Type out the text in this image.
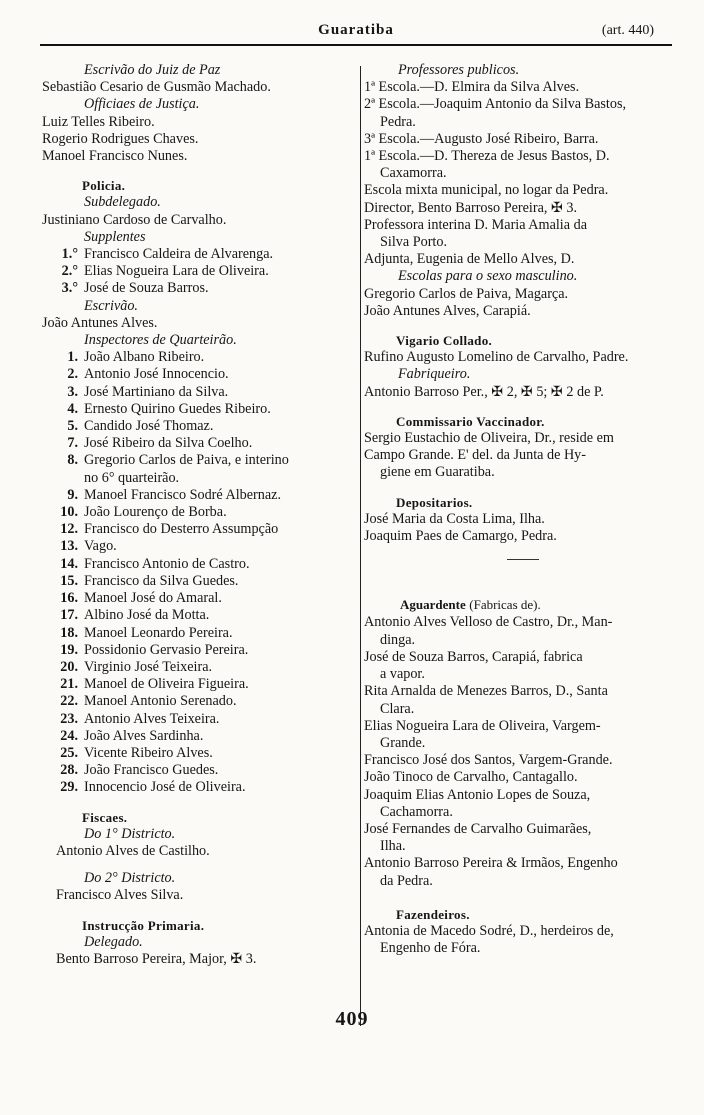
Guaratiba	(art. 440)
Escrivão do Juiz de Paz
Sebastião Cesario de Gusmão Machado.
Officiaes de Justiça.
Luiz Telles Ribeiro.
Rogerio Rodrigues Chaves.
Manoel Francisco Nunes.
Policia.
Subdelegado.
Justiniano Cardoso de Carvalho.
Supplentes
1.° Francisco Caldeira de Alvarenga.
2.° Elias Nogueira Lara de Oliveira.
3.° José de Souza Barros.
Escrivão.
João Antunes Alves.
Inspectores de Quarteirão.
1. João Albano Ribeiro.
2. Antonio José Innocencio.
3. José Martiniano da Silva.
4. Ernesto Quirino Guedes Ribeiro.
5. Candido José Thomaz.
7. José Ribeiro da Silva Coelho.
8. Gregorio Carlos de Paiva, e interino
no 6° quarteirão.
9. Manoel Francisco Sodré Albernaz.
10. João Lourenço de Borba.
12. Francisco do Desterro Assumpção
13. Vago.
14. Francisco Antonio de Castro.
15. Francisco da Silva Guedes.
16. Manoel José do Amaral.
17. Albino José da Motta.
18. Manoel Leonardo Pereira.
19. Possidonio Gervasio Pereira.
20. Virginio José Teixeira.
21. Manoel de Oliveira Figueira.
22. Manoel Antonio Serenado.
23. Antonio Alves Teixeira.
24. João Alves Sardinha.
25. Vicente Ribeiro Alves.
28. João Francisco Guedes.
29. Innocencio José de Oliveira.
Fiscaes.
Do 1° Districto.
Antonio Alves de Castilho.
Do 2° Districto.
Francisco Alves Silva.
Instrucção Primaria.
Delegado.
Bento Barroso Pereira, Major, ✠ 3.
Professores publicos.
1ª Escola.—D. Elmira da Silva Alves.
2ª Escola.—Joaquim Antonio da Silva Bastos,
Pedra.
3ª Escola.—Augusto José Ribeiro, Barra.
1ª Escola.—D. Thereza de Jesus Bastos, D.
Caxamorra.
Escola mixta municipal, no logar da Pedra.
Director, Bento Barroso Pereira, ✠ 3.
Professora interina D. Maria Amalia da
Silva Porto.
Adjunta, Eugenia de Mello Alves, D.
Escolas para o sexo masculino.
Gregorio Carlos de Paiva, Magarça.
João Antunes Alves, Carapiá.
Vigario Collado.
Rufino Augusto Lomelino de Carvalho, Padre.
Fabriqueiro.
Antonio Barroso Per., ✠ 2, ✠ 5; ✠ 2 de P.
Commissario Vaccinador.
Sergio Eustachio de Oliveira, Dr., reside em
Campo Grande. E' del. da Junta de Hy-
giene em Guaratiba.
Depositarios.
José Maria da Costa Lima, Ilha.
Joaquim Paes de Camargo, Pedra.
Aguardente (Fabricas de).
Antonio Alves Velloso de Castro, Dr., Man-
dinga.
José de Souza Barros, Carapiá, fabrica
a vapor.
Rita Arnalda de Menezes Barros, D., Santa
Clara.
Elias Nogueira Lara de Oliveira, Vargem-
Grande.
Francisco José dos Santos, Vargem-Grande.
João Tinoco de Carvalho, Cantagallo.
Joaquim Elias Antonio Lopes de Souza,
Cachamorra.
José Fernandes de Carvalho Guimarães,
Ilha.
Antonio Barroso Pereira & Irmãos, Engenho
da Pedra.
Fazendeiros.
Antonia de Macedo Sodré, D., herdeiros de,
Engenho de Fóra.
409
